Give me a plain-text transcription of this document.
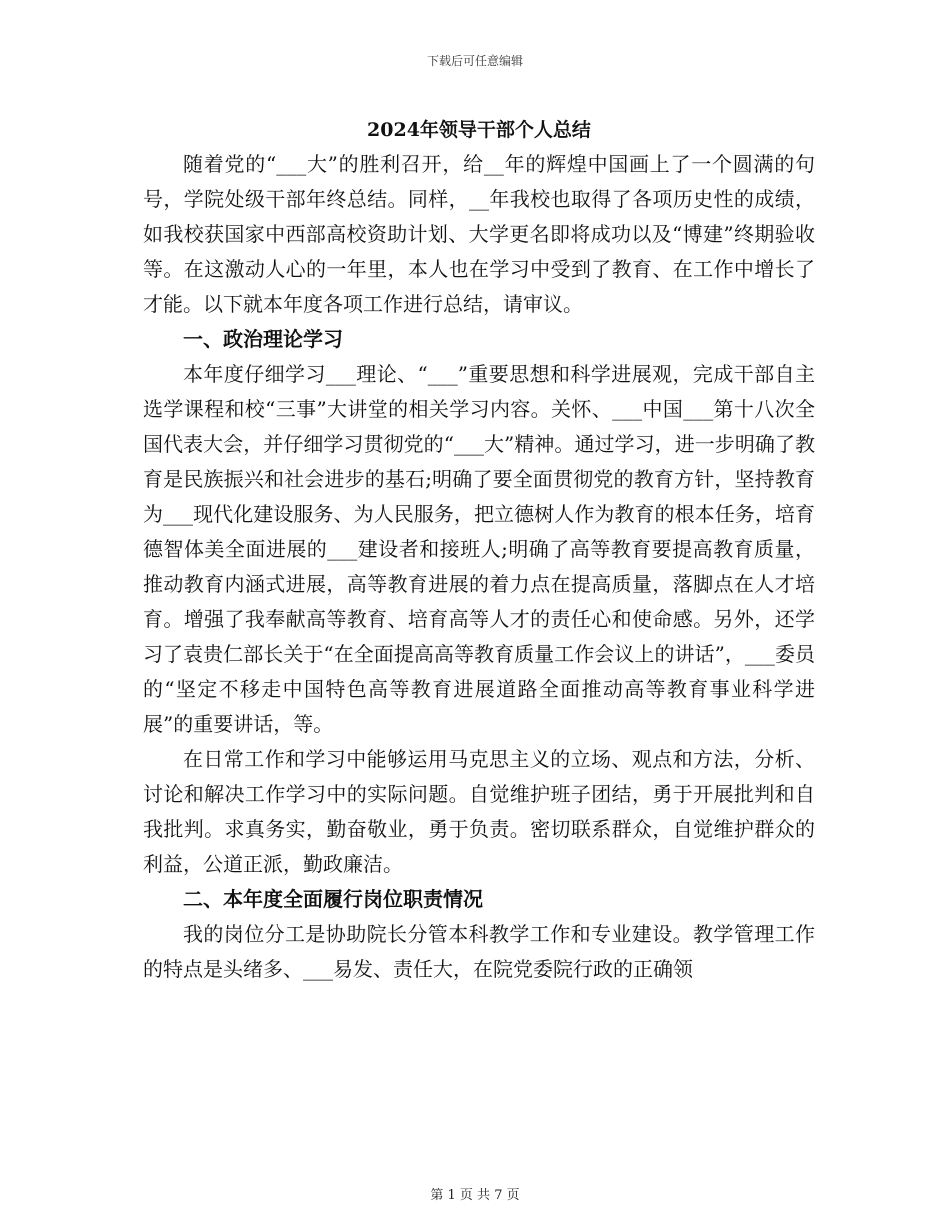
下载后可任意编辑
2024年领导干部个人总结

随着党的“___大”的胜利召开，给__年的辉煌中国画上了一个圆满的句号，学院处级干部年终总结。同样，__年我校也取得了各项历史性的成绩，如我校获国家中西部高校资助计划、大学更名即将成功以及“博建”终期验收等。在这激动人心的一年里，本人也在学习中受到了教育、在工作中增长了才能。以下就本年度各项工作进行总结，请审议。

一、政治理论学习

本年度仔细学习___理论、“___”重要思想和科学进展观，完成干部自主选学课程和校“三事”大讲堂的相关学习内容。关怀、___中国___第十八次全国代表大会，并仔细学习贯彻党的“___大”精神。通过学习，进一步明确了教育是民族振兴和社会进步的基石;明确了要全面贯彻党的教育方针，坚持教育为___现代化建设服务、为人民服务，把立德树人作为教育的根本任务，培育德智体美全面进展的___建设者和接班人;明确了高等教育要提高教育质量，推动教育内涵式进展，高等教育进展的着力点在提高质量，落脚点在人才培育。增强了我奉献高等教育、培育高等人才的责任心和使命感。另外，还学习了袁贵仁部长关于“在全面提高高等教育质量工作会议上的讲话”，___委员的“坚定不移走中国特色高等教育进展道路全面推动高等教育事业科学进展”的重要讲话，等。

在日常工作和学习中能够运用马克思主义的立场、观点和方法，分析、讨论和解决工作学习中的实际问题。自觉维护班子团结，勇于开展批判和自我批判。求真务实，勤奋敬业，勇于负责。密切联系群众，自觉维护群众的利益，公道正派，勤政廉洁。

二、本年度全面履行岗位职责情况

我的岗位分工是协助院长分管本科教学工作和专业建设。教学管理工作的特点是头绪多、___易发、责任大，在院党委院行政的正确领

第 1 页 共 7 页
